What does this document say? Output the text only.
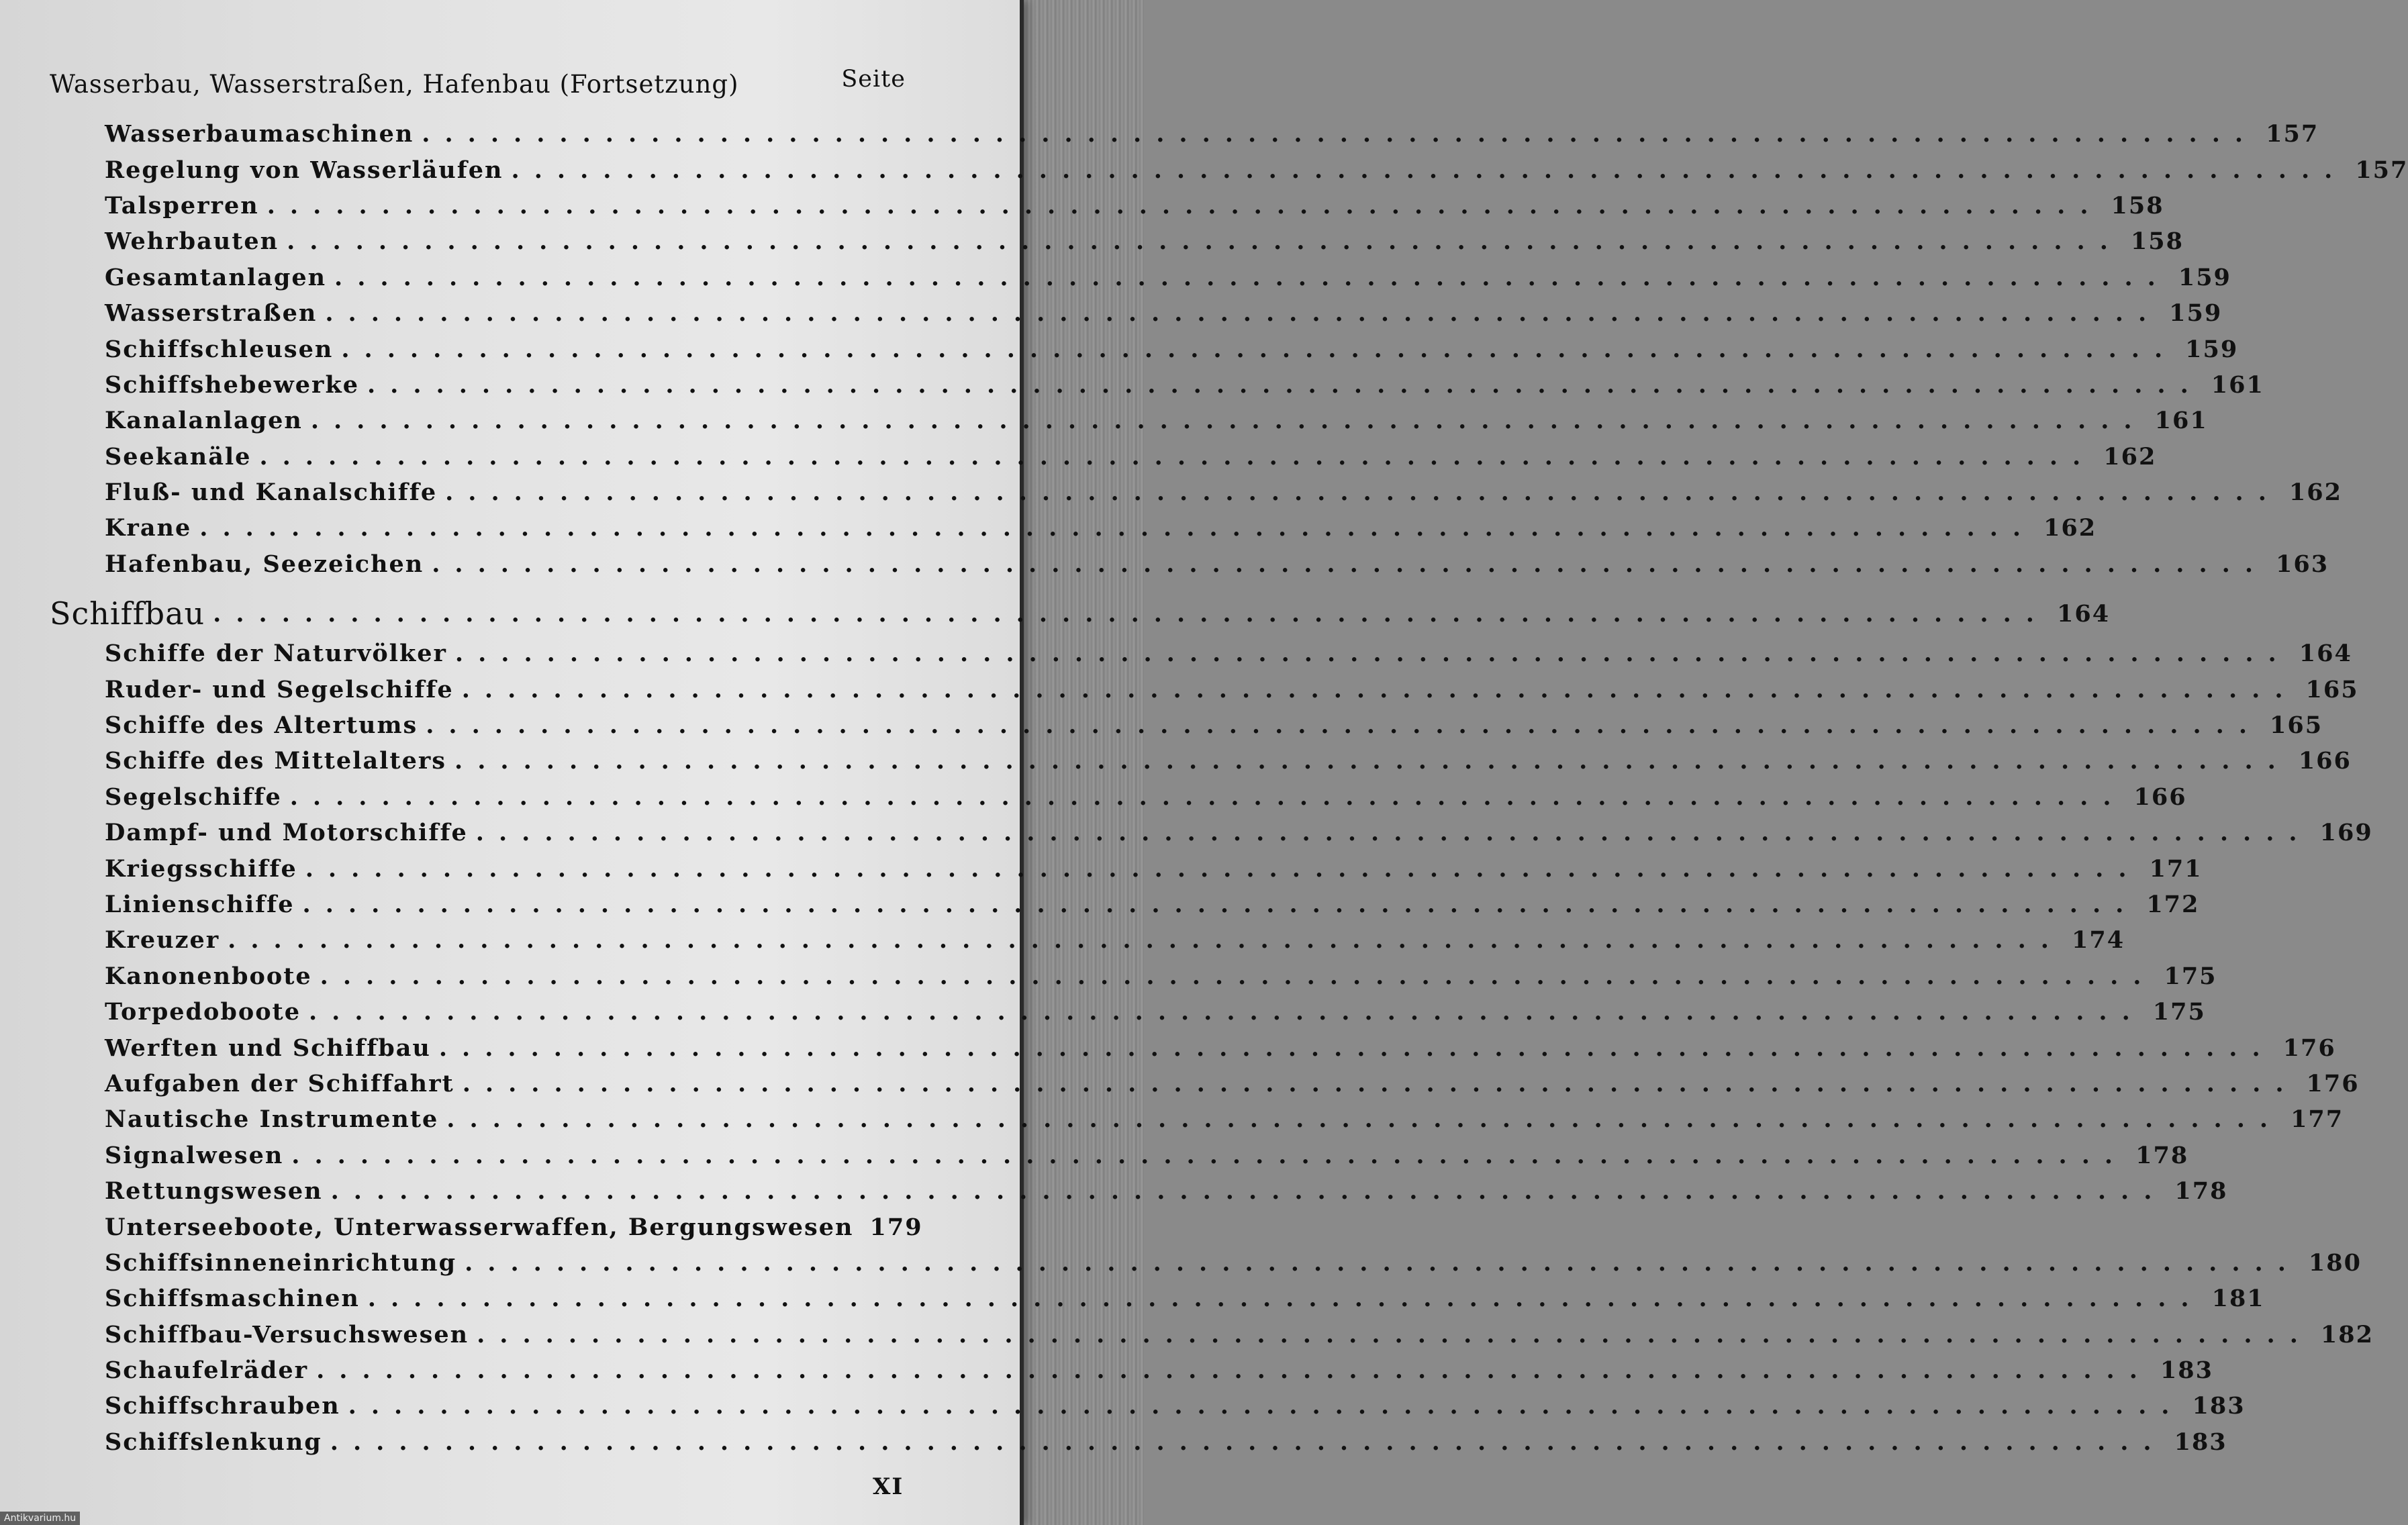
Wasserbau, Wasserstraßen, Hafenbau (Fortsetzung)	Seite
Wasserbaumaschinen ................................................................................ 157
Regelung von Wasserläufen ................................................................................ 157
Talsperren ................................................................................ 158
Wehrbauten ................................................................................ 158
Gesamtanlagen ................................................................................ 159
Wasserstraßen ................................................................................ 159
Schiffschleusen ................................................................................ 159
Schiffshebewerke ................................................................................ 161
Kanalanlagen ................................................................................ 161
Seekanäle ................................................................................ 162
Fluß- und Kanalschiffe ................................................................................ 162
Krane ................................................................................ 162
Hafenbau, Seezeichen ................................................................................ 163
Schiffbau ................................................................................ 164
Schiffe der Naturvölker ................................................................................ 164
Ruder- und Segelschiffe ................................................................................ 165
Schiffe des Altertums ................................................................................ 165
Schiffe des Mittelalters ................................................................................ 166
Segelschiffe ................................................................................ 166
Dampf- und Motorschiffe ................................................................................ 169
Kriegsschiffe ................................................................................ 171
Linienschiffe ................................................................................ 172
Kreuzer ................................................................................ 174
Kanonenboote ................................................................................ 175
Torpedoboote ................................................................................ 175
Werften und Schiffbau ................................................................................ 176
Aufgaben der Schiffahrt ................................................................................ 176
Nautische Instrumente ................................................................................ 177
Signalwesen ................................................................................ 178
Rettungswesen ................................................................................ 178
Unterseeboote, Unterwasserwaffen, Bergungswesen 179
Schiffsinneneinrichtung ................................................................................ 180
Schiffsmaschinen ................................................................................ 181
Schiffbau-Versuchswesen ................................................................................ 182
Schaufelräder ................................................................................ 183
Schiffschrauben ................................................................................ 183
Schiffslenkung ................................................................................ 183
XI
Antikvarium.hu
